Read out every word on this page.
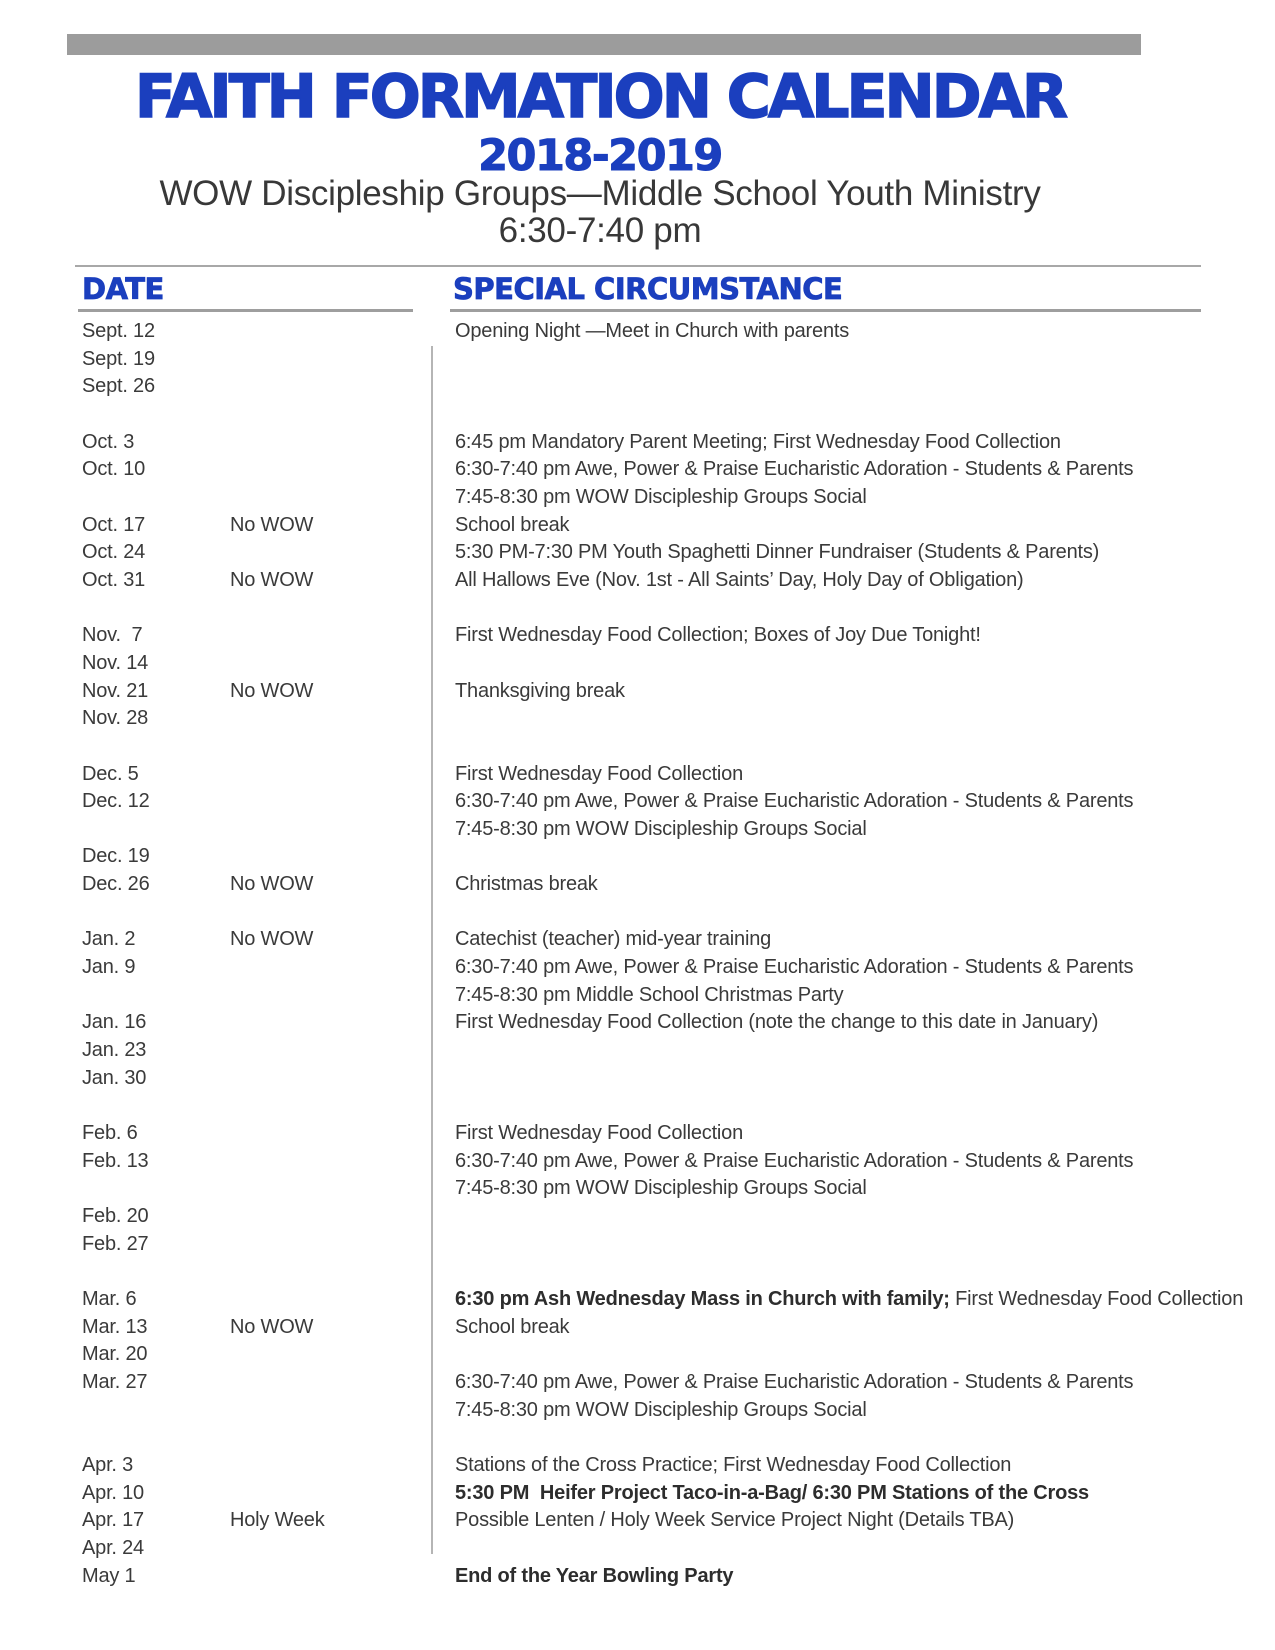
FAITH FORMATION CALENDAR
2018-2019
WOW Discipleship Groups—Middle School Youth Ministry
6:30-7:40 pm
DATE	SPECIAL CIRCUMSTANCE
Sept. 12	Opening Night —Meet in Church with parents
Sept. 19
Sept. 26
Oct. 3	6:45 pm Mandatory Parent Meeting; First Wednesday Food Collection
Oct. 10	6:30-7:40 pm Awe, Power & Praise Eucharistic Adoration - Students & Parents
7:45-8:30 pm WOW Discipleship Groups Social
Oct. 17	No WOW	School break
Oct. 24	5:30 PM-7:30 PM Youth Spaghetti Dinner Fundraiser (Students & Parents)
Oct. 31	No WOW	All Hallows Eve (Nov. 1st - All Saints’ Day, Holy Day of Obligation)
Nov.  7	First Wednesday Food Collection; Boxes of Joy Due Tonight!
Nov. 14
Nov. 21	No WOW	Thanksgiving break
Nov. 28
Dec. 5	First Wednesday Food Collection
Dec. 12	6:30-7:40 pm Awe, Power & Praise Eucharistic Adoration - Students & Parents
7:45-8:30 pm WOW Discipleship Groups Social
Dec. 19
Dec. 26	No WOW	Christmas break
Jan. 2	No WOW	Catechist (teacher) mid-year training
Jan. 9	6:30-7:40 pm Awe, Power & Praise Eucharistic Adoration - Students & Parents
7:45-8:30 pm Middle School Christmas Party
Jan. 16	First Wednesday Food Collection (note the change to this date in January)
Jan. 23
Jan. 30
Feb. 6	First Wednesday Food Collection
Feb. 13	6:30-7:40 pm Awe, Power & Praise Eucharistic Adoration - Students & Parents
7:45-8:30 pm WOW Discipleship Groups Social
Feb. 20
Feb. 27
Mar. 6	6:30 pm Ash Wednesday Mass in Church with family; First Wednesday Food Collection
Mar. 13	No WOW	School break
Mar. 20
Mar. 27	6:30-7:40 pm Awe, Power & Praise Eucharistic Adoration - Students & Parents
7:45-8:30 pm WOW Discipleship Groups Social
Apr. 3	Stations of the Cross Practice; First Wednesday Food Collection
Apr. 10	5:30 PM  Heifer Project Taco-in-a-Bag/ 6:30 PM Stations of the Cross
Apr. 17	Holy Week	Possible Lenten / Holy Week Service Project Night (Details TBA)
Apr. 24
May 1	End of the Year Bowling Party
